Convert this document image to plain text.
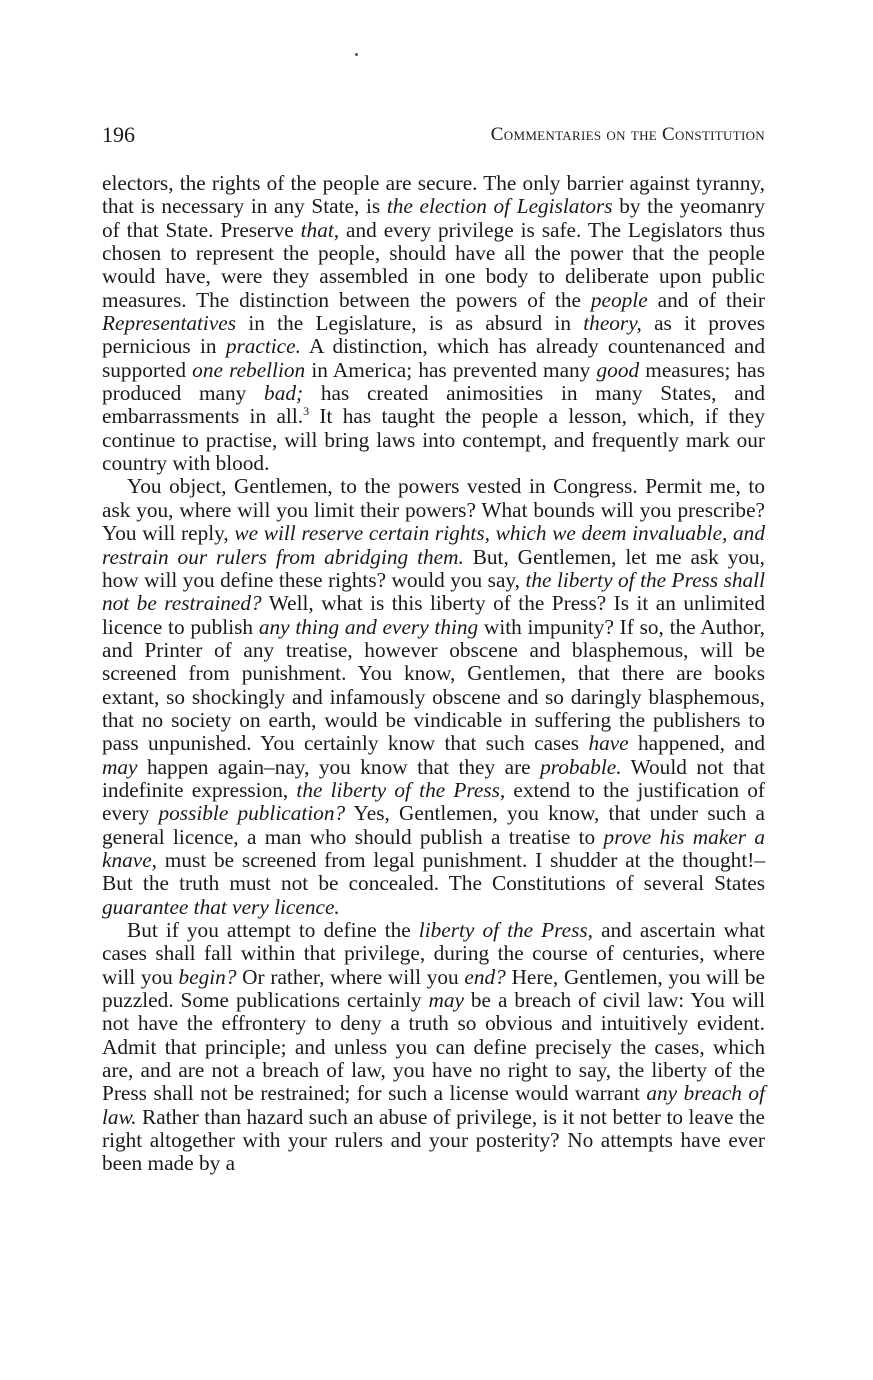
196	Commentaries on the Constitution

electors, the rights of the people are secure. The only barrier against tyranny, that is necessary in any State, is the election of Legislators by the yeomanry of that State. Preserve that, and every privilege is safe. The Legislators thus chosen to represent the people, should have all the power that the people would have, were they assembled in one body to deliberate upon public measures. The distinction between the powers of the people and of their Representatives in the Legislature, is as absurd in theory, as it proves pernicious in practice. A distinction, which has already countenanced and supported one rebellion in America; has prevented many good measures; has produced many bad; has created animosities in many States, and embarrassments in all.$^3$ It has taught the people a lesson, which, if they continue to practise, will bring laws into contempt, and frequently mark our country with blood.

You object, Gentlemen, to the powers vested in Congress. Permit me, to ask you, where will you limit their powers? What bounds will you prescribe? You will reply, we will reserve certain rights, which we deem invaluable, and restrain our rulers from abridging them. But, Gentlemen, let me ask you, how will you define these rights? would you say, the liberty of the Press shall not be restrained? Well, what is this liberty of the Press? Is it an unlimited licence to publish any thing and every thing with impunity? If so, the Author, and Printer of any treatise, however obscene and blasphemous, will be screened from punishment. You know, Gentlemen, that there are books extant, so shockingly and infamously obscene and so daringly blasphemous, that no society on earth, would be vindicable in suffering the publishers to pass unpunished. You certainly know that such cases have happened, and may happen again–nay, you know that they are probable. Would not that indefinite expression, the liberty of the Press, extend to the justification of every possible publication? Yes, Gentlemen, you know, that under such a general licence, a man who should publish a treatise to prove his maker a knave, must be screened from legal punishment. I shudder at the thought!–But the truth must not be concealed. The Constitutions of several States guarantee that very licence.

But if you attempt to define the liberty of the Press, and ascertain what cases shall fall within that privilege, during the course of centuries, where will you begin? Or rather, where will you end? Here, Gentlemen, you will be puzzled. Some publications certainly may be a breach of civil law: You will not have the effrontery to deny a truth so obvious and intuitively evident. Admit that principle; and unless you can define precisely the cases, which are, and are not a breach of law, you have no right to say, the liberty of the Press shall not be restrained; for such a license would warrant any breach of law. Rather than hazard such an abuse of privilege, is it not better to leave the right altogether with your rulers and your posterity? No attempts have ever been made by a
